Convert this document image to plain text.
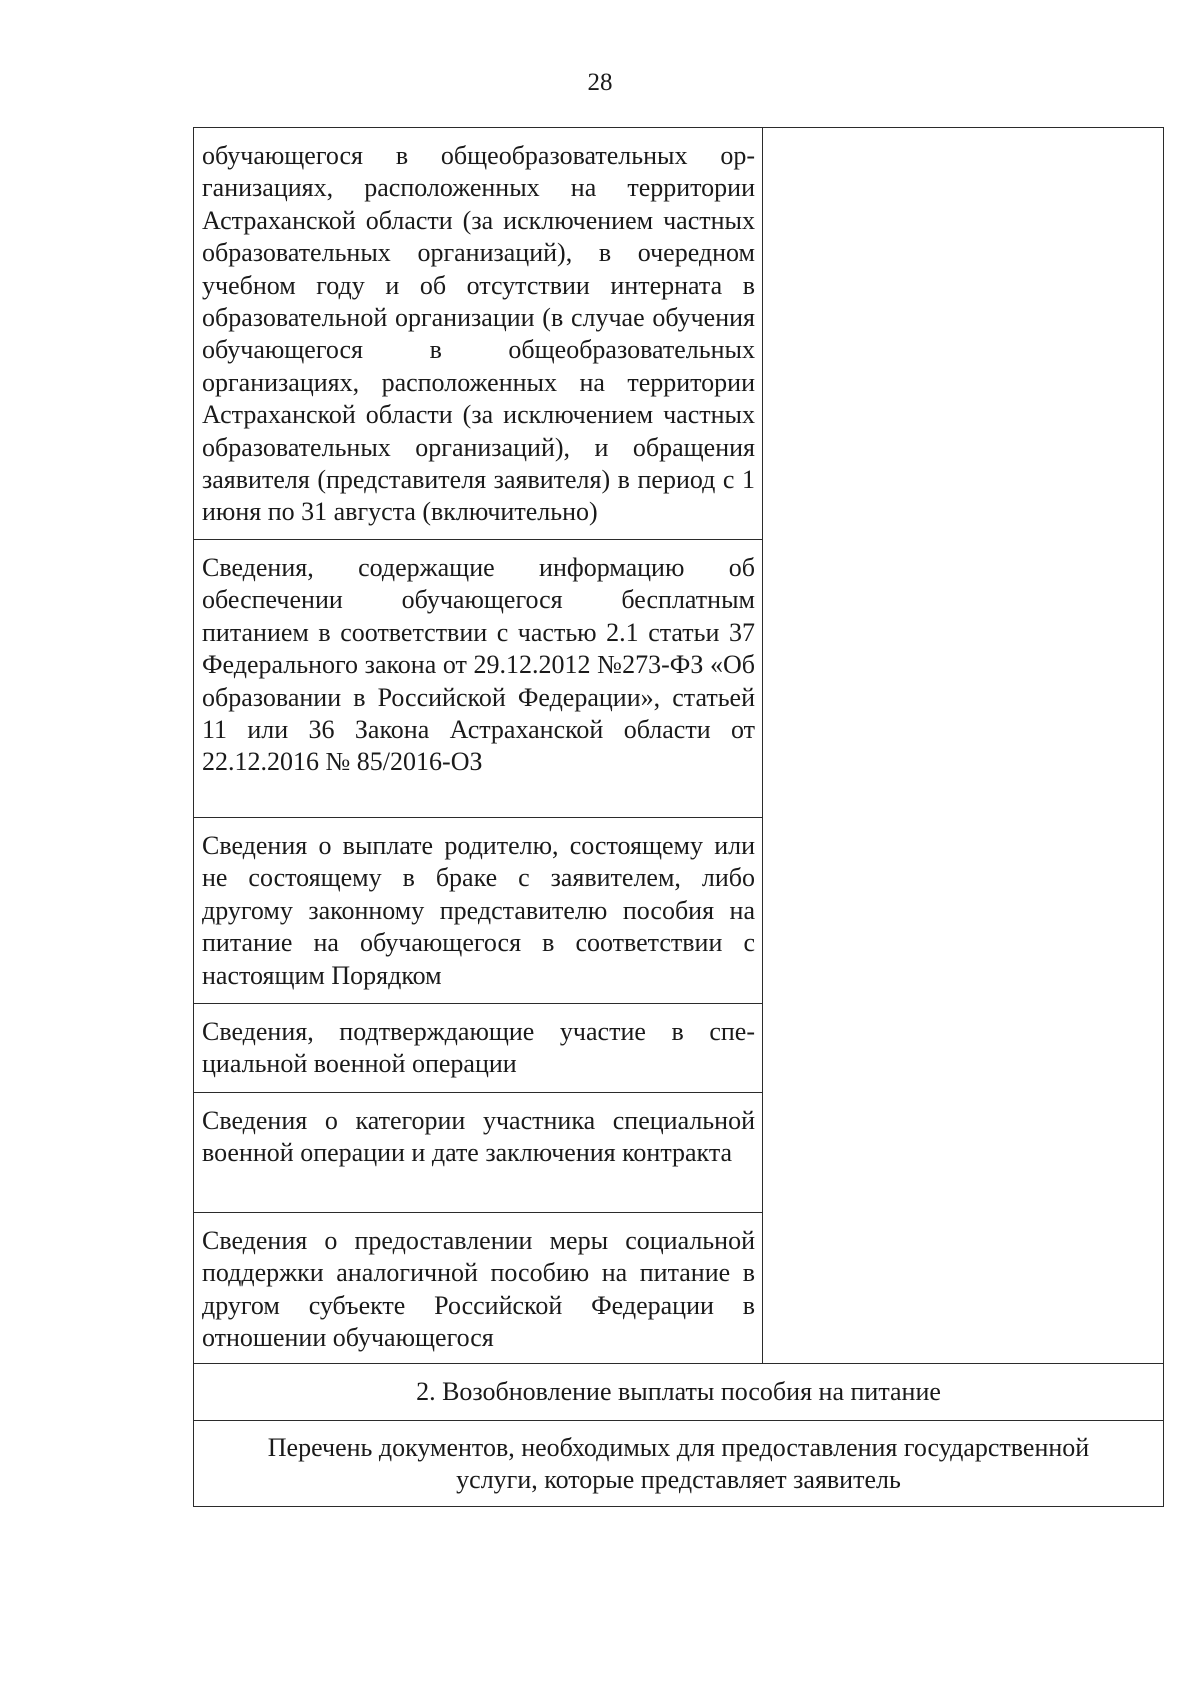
28
обучающегося в общеобразовательных организациях, расположенных на территории Астраханской области (за исключением частных образовательных организаций), в очередном учебном году и об отсутствии интерната в образовательной организации (в случае обучения обучающегося в общеобразовательных организациях, расположенных на территории Астраханской области (за исключением частных образовательных организаций), и обращения заявителя (представителя заявителя) в период с 1 июня по 31 августа (включительно)

Сведения, содержащие информацию об обеспечении обучающегося бесплатным питанием в соответствии с частью 2.1 статьи 37 Федерального закона от 29.12.2012 №273-ФЗ «Об образовании в Российской Федерации», статьей 11 или 36 Закона Астраханской области от 22.12.2016 № 85/2016-ОЗ

Сведения о выплате родителю, состоящему или не состоящему в браке с заявителем, либо другому законному представителю пособия на питание на обучающегося в соответствии с настоящим Порядком

Сведения, подтверждающие участие в специальной военной операции

Сведения о категории участника специальной военной операции и дате заключения контракта

Сведения о предоставлении меры социальной поддержки аналогичной пособию на питание в другом субъекте Российской Федерации в отношении обучающегося

2. Возобновление выплаты пособия на питание
Перечень документов, необходимых для предоставления государственной услуги, которые представляет заявитель
